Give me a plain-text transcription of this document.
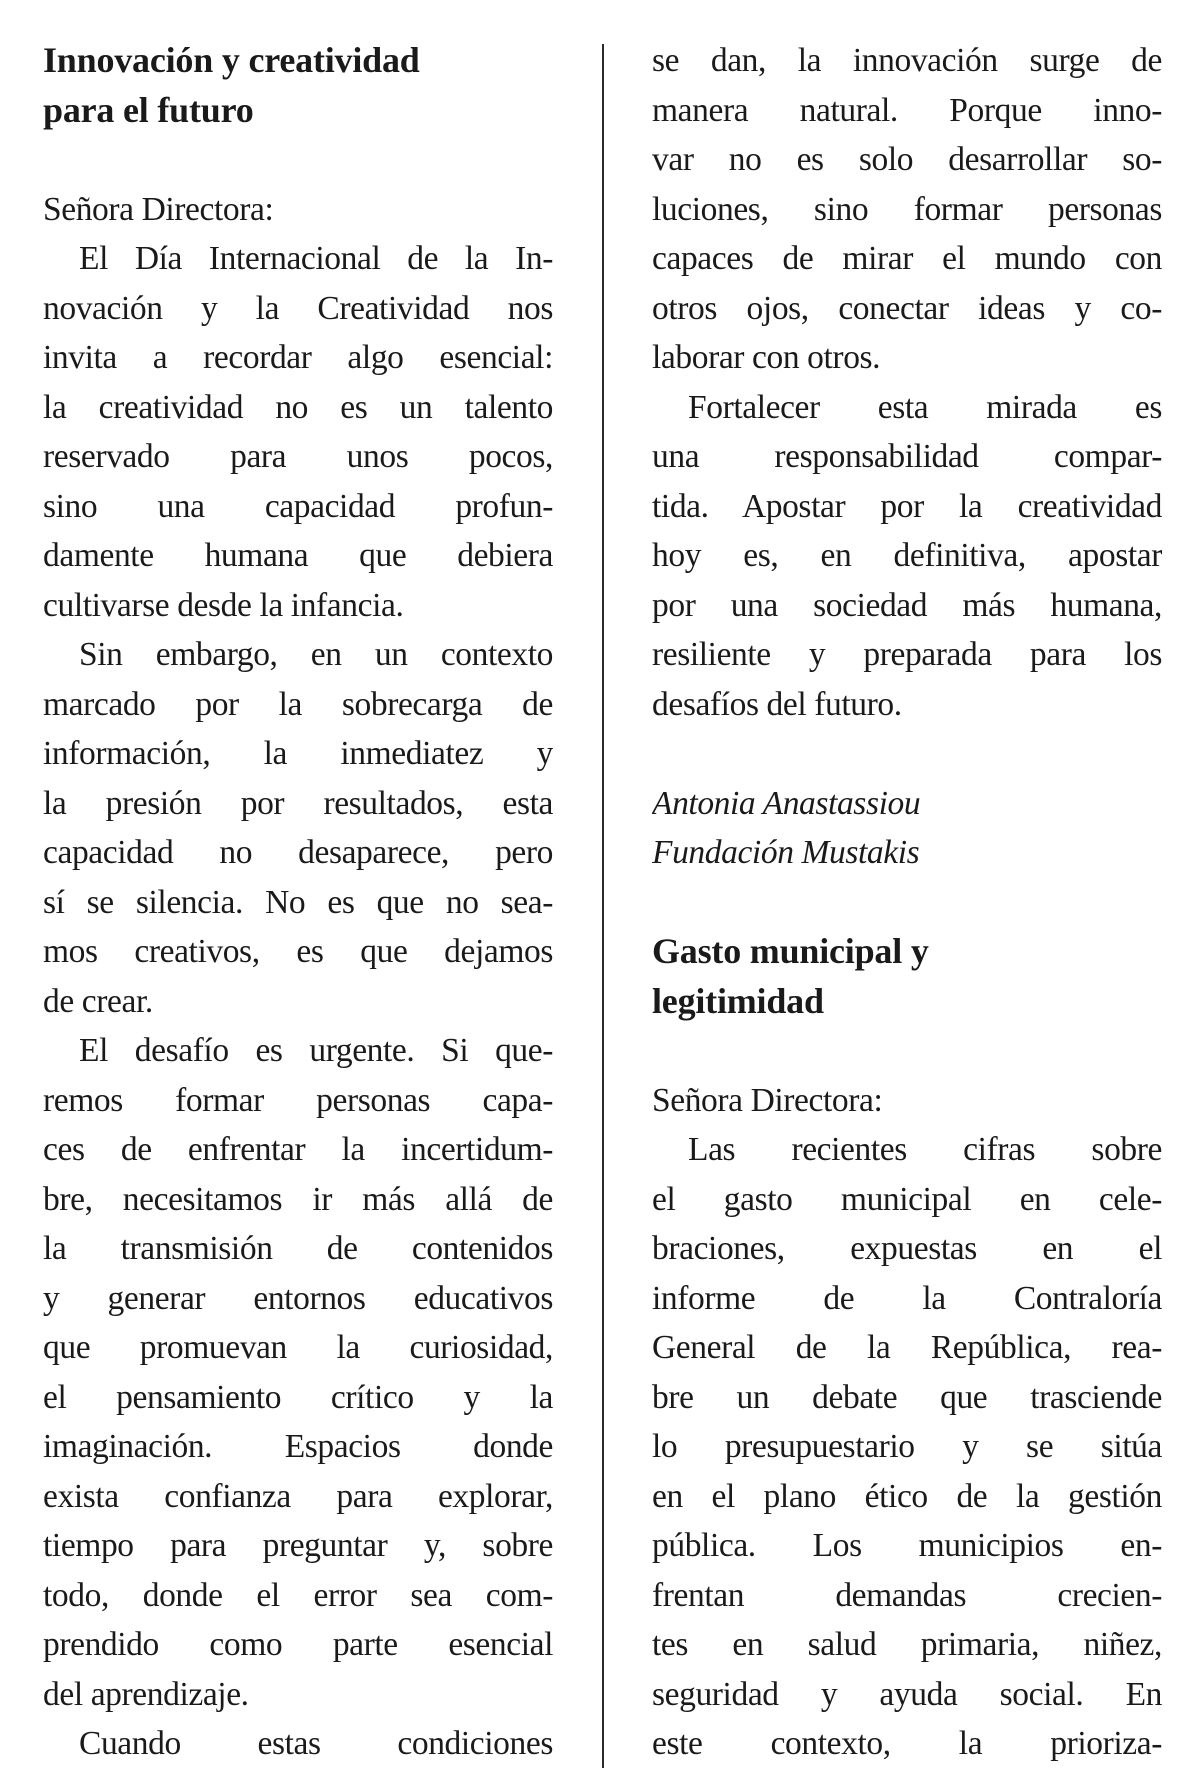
Innovación y creatividad
para el futuro
Señora Directora:
El Día Internacional de la In-
novación y la Creatividad nos
invita a recordar algo esencial:
la creatividad no es un talento
reservado para unos pocos,
sino una capacidad profun-
damente humana que debiera
cultivarse desde la infancia.
Sin embargo, en un contexto
marcado por la sobrecarga de
información, la inmediatez y
la presión por resultados, esta
capacidad no desaparece, pero
sí se silencia. No es que no sea-
mos creativos, es que dejamos
de crear.
El desafío es urgente. Si que-
remos formar personas capa-
ces de enfrentar la incertidum-
bre, necesitamos ir más allá de
la transmisión de contenidos
y generar entornos educativos
que promuevan la curiosidad,
el pensamiento crítico y la
imaginación. Espacios donde
exista confianza para explorar,
tiempo para preguntar y, sobre
todo, donde el error sea com-
prendido como parte esencial
del aprendizaje.
Cuando estas condiciones
se dan, la innovación surge de
manera natural. Porque inno-
var no es solo desarrollar so-
luciones, sino formar personas
capaces de mirar el mundo con
otros ojos, conectar ideas y co-
laborar con otros.
Fortalecer esta mirada es
una responsabilidad compar-
tida. Apostar por la creatividad
hoy es, en definitiva, apostar
por una sociedad más humana,
resiliente y preparada para los
desafíos del futuro.
Antonia Anastassiou
Fundación Mustakis
Gasto municipal y
legitimidad
Señora Directora:
Las recientes cifras sobre
el gasto municipal en cele-
braciones, expuestas en el
informe de la Contraloría
General de la República, rea-
bre un debate que trasciende
lo presupuestario y se sitúa
en el plano ético de la gestión
pública. Los municipios en-
frentan demandas crecien-
tes en salud primaria, niñez,
seguridad y ayuda social. En
este contexto, la prioriza-
